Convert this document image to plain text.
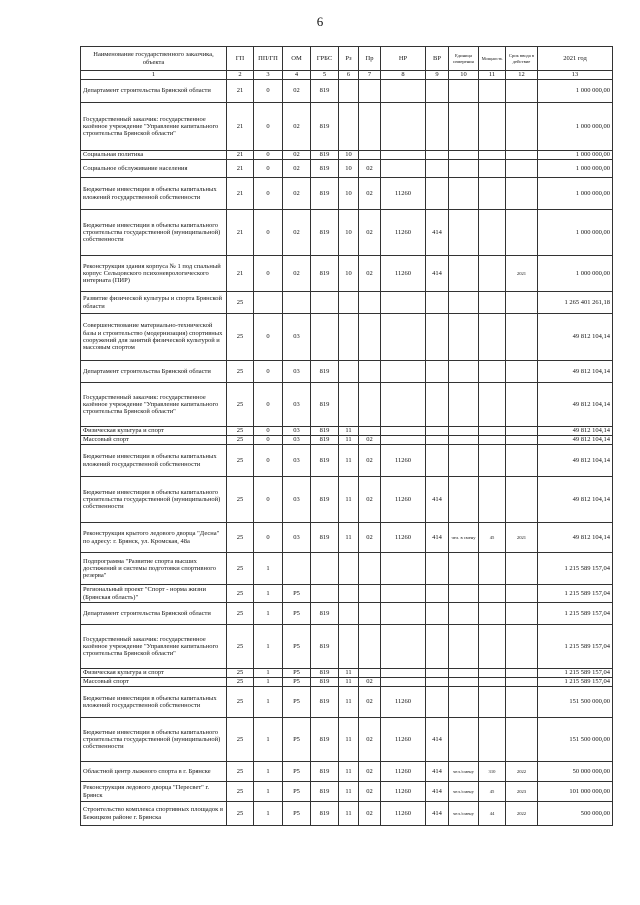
6
Наименование государственного заказчика, объекта	ГП	ПП/ГП	ОМ	ГРБС	Рз	Пр	НР	ВР	Единица измерения	Мощность	Срок ввода в действие	2021 год
1	2	3	4	5	6	7	8	9	10	11	12	13
Департамент строительства Брянской области	21	0	02	819								1 000 000,00
Государственный заказчик: государственное казённое учреждение "Управление капитального строительства Брянской области"	21	0	02	819								1 000 000,00
Социальная политика	21	0	02	819	10							1 000 000,00
Социальное обслуживание населения	21	0	02	819	10	02						1 000 000,00
Бюджетные инвестиции в объекты капитальных вложений государственной собственности	21	0	02	819	10	02	11260					1 000 000,00
Бюджетные инвестиции в объекты капитального строительства государственной (муниципальной) собственности	21	0	02	819	10	02	11260	414				1 000 000,00
Реконструкция здания корпуса № 1 под спальный корпус Сельцовского психоневрологического интерната (ПИР)	21	0	02	819	10	02	11260	414			2021	1 000 000,00
Развитие физической культуры и спорта Брянской области	25											1 265 401 261,18
Совершенствование материально-технической базы и строительство (модернизация) спортивных сооружений для занятий физической культурой и массовым спортом	25	0	03									49 812 104,14
Департамент строительства Брянской области	25	0	03	819								49 812 104,14
Государственный заказчик: государственное казённое учреждение "Управление капитального строительства Брянской области"	25	0	03	819								49 812 104,14
Физическая культура и спорт	25	0	03	819	11							49 812 104,14
Массовый спорт	25	0	03	819	11	02						49 812 104,14
Бюджетные инвестиции в объекты капитальных вложений государственной собственности	25	0	03	819	11	02	11260					49 812 104,14
Бюджетные инвестиции в объекты капитального строительства государственной (муниципальной) собственности	25	0	03	819	11	02	11260	414				49 812 104,14
Реконструкция крытого ледового дворца "Десна" по адресу: г. Брянск, ул. Кромская, 48а	25	0	03	819	11	02	11260	414	чел. в смену	45	2021	49 812 104,14
Подпрограмма "Развитие спорта высших достижений и системы подготовки спортивного резерва"	25	1										1 215 589 157,04
Региональный проект "Спорт - норма жизни (Брянская область)"	25	1	P5									1 215 589 157,04
Департамент строительства Брянской области	25	1	P5	819								1 215 589 157,04
Государственный заказчик: государственное казённое учреждение "Управление капитального строительства Брянской области"	25	1	P5	819								1 215 589 157,04
Физическая культура и спорт	25	1	P5	819	11							1 215 589 157,04
Массовый спорт	25	1	P5	819	11	02						1 215 589 157,04
Бюджетные инвестиции в объекты капитальных вложений государственной собственности	25	1	P5	819	11	02	11260					151 500 000,00
Бюджетные инвестиции в объекты капитального строительства государственной (муниципальной) собственности	25	1	P5	819	11	02	11260	414				151 500 000,00
Областной центр лыжного спорта в г. Брянске	25	1	P5	819	11	02	11260	414	чел./смену	310	2022	50 000 000,00
Реконструкция ледового дворца "Пересвет" г. Брянск	25	1	P5	819	11	02	11260	414	чел./смену	45	2023	101 000 000,00
Строительство комплекса спортивных площадок в Бежицком районе г. Брянска	25	1	P5	819	11	02	11260	414	чел./смену	44	2022	500 000,00
